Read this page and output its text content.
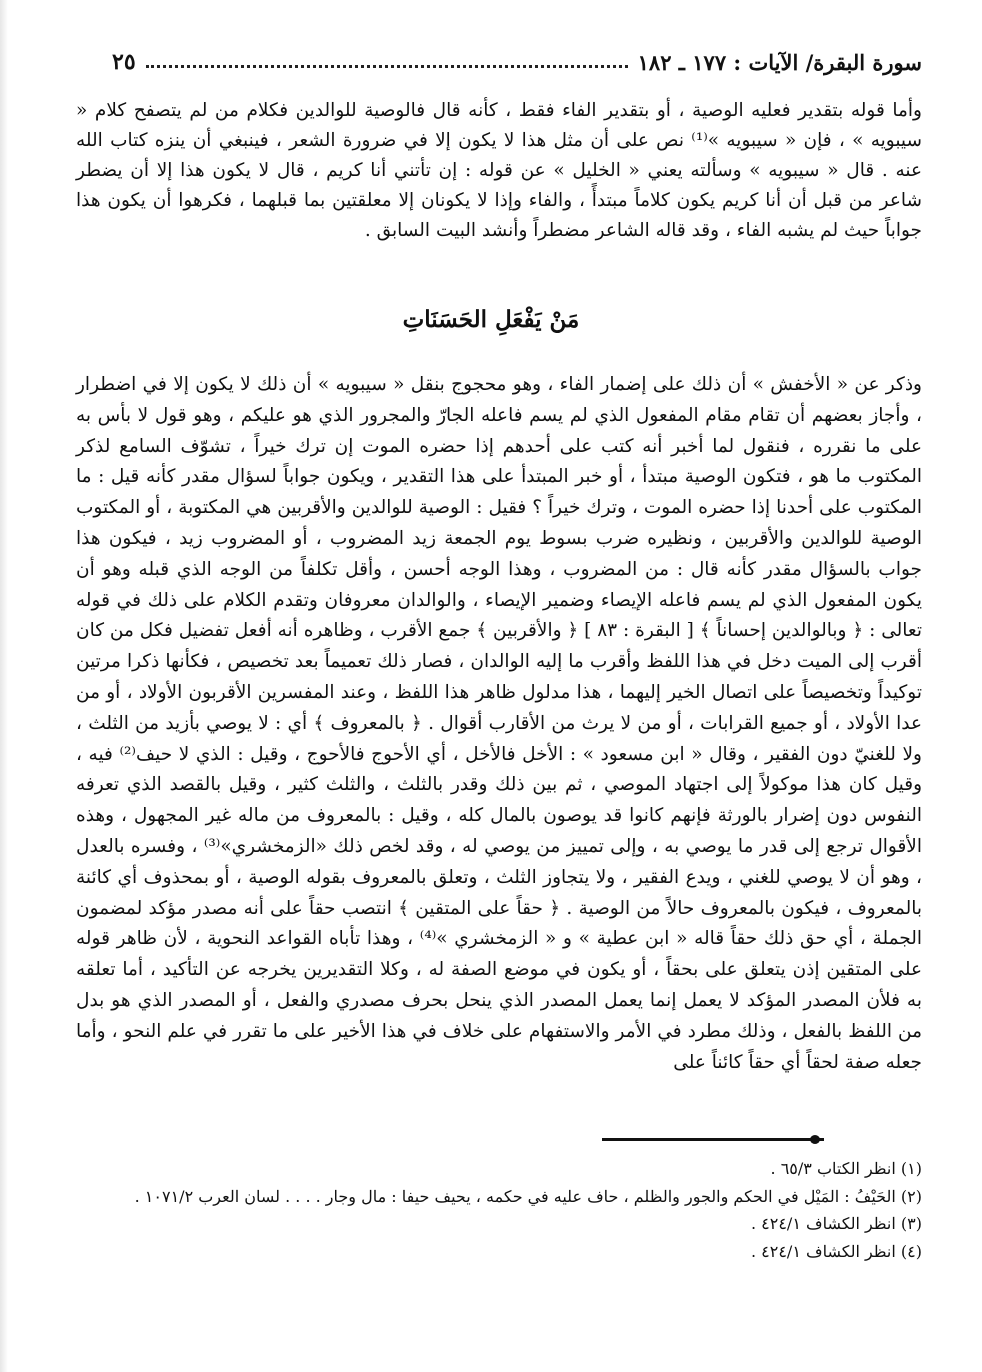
سورة البقرة/ الآيات : ١٧٧ ـ ١٨٢
٢٥
وأما قوله بتقدير فعليه الوصية ، أو بتقدير الفاء فقط ، كأنه قال فالوصية للوالدين فكلام من لم يتصفح كلام « سيبويه » ، فإن « سيبويه »⁽¹⁾ نص على أن مثل هذا لا يكون إلا في ضرورة الشعر ، فينبغي أن ينزه كتاب الله عنه . قال « سيبويه » وسألته يعني « الخليل » عن قوله : إن تأتني أنا كريم ، قال لا يكون هذا إلا أن يضطر شاعر من قبل أن أنا كريم يكون كلاماً مبتدأً ، والفاء وإذا لا يكونان إلا معلقتين بما قبلهما ، فكرهوا أن يكون هذا جواباً حيث لم يشبه الفاء ، وقد قاله الشاعر مضطراً وأنشد البيت السابق .
مَنْ يَفْعَلِ الحَسَنَاتِ
وذكر عن « الأخفش » أن ذلك على إضمار الفاء ، وهو محجوج بنقل « سيبويه » أن ذلك لا يكون إلا في اضطرار ، وأجاز بعضهم أن تقام مقام المفعول الذي لم يسم فاعله الجارّ والمجرور الذي هو عليكم ، وهو قول لا بأس به على ما نقرره ، فنقول لما أخبر أنه كتب على أحدهم إذا حضره الموت إن ترك خيراً ، تشوّف السامع لذكر المكتوب ما هو ، فتكون الوصية مبتدأ ، أو خبر المبتدأ على هذا التقدير ، ويكون جواباً لسؤال مقدر كأنه قيل : ما المكتوب على أحدنا إذا حضره الموت ، وترك خيراً ؟ فقيل : الوصية للوالدين والأقربين هي المكتوبة ، أو المكتوب الوصية للوالدين والأقربين ، ونظيره ضرب بسوط يوم الجمعة زيد المضروب ، أو المضروب زيد ، فيكون هذا جواب بالسؤال مقدر كأنه قال : من المضروب ، وهذا الوجه أحسن ، وأقل تكلفاً من الوجه الذي قبله وهو أن يكون المفعول الذي لم يسم فاعله الإيصاء وضمير الإيصاء ، والوالدان معروفان وتقدم الكلام على ذلك في قوله تعالى : ﴿ وبالوالدين إحساناً ﴾ [ البقرة : ٨٣ ] ﴿ والأقربين ﴾ جمع الأقرب ، وظاهره أنه أفعل تفضيل فكل من كان أقرب إلى الميت دخل في هذا اللفظ وأقرب ما إليه الوالدان ، فصار ذلك تعميماً بعد تخصيص ، فكأنها ذكرا مرتين توكيداً وتخصيصاً على اتصال الخير إليهما ، هذا مدلول ظاهر هذا اللفظ ، وعند المفسرين الأقربون الأولاد ، أو من عدا الأولاد ، أو جميع القرابات ، أو من لا يرث من الأقارب أقوال . ﴿ بالمعروف ﴾ أي : لا يوصي بأزيد من الثلث ، ولا للغنيّ دون الفقير ، وقال « ابن مسعود » : الأخل فالأخل ، أي الأحوج فالأحوج ، وقيل : الذي لا حيف⁽²⁾ فيه ، وقيل كان هذا موكولاً إلى اجتهاد الموصي ، ثم بين ذلك وقدر بالثلث ، والثلث كثير ، وقيل بالقصد الذي تعرفه النفوس دون إضرار بالورثة فإنهم كانوا قد يوصون بالمال كله ، وقيل : بالمعروف من ماله غير المجهول ، وهذه الأقوال ترجع إلى قدر ما يوصي به ، وإلى تمييز من يوصي له ، وقد لخص ذلك «الزمخشري»⁽³⁾ ، وفسره بالعدل ، وهو أن لا يوصي للغني ، ويدع الفقير ، ولا يتجاوز الثلث ، وتعلق بالمعروف بقوله الوصية ، أو بمحذوف أي كائنة بالمعروف ، فيكون بالمعروف حالاً من الوصية . ﴿ حقاً على المتقين ﴾ انتصب حقاً على أنه مصدر مؤكد لمضمون الجملة ، أي حق ذلك حقاً قاله « ابن عطية » و « الزمخشري »⁽⁴⁾ ، وهذا تأباه القواعد النحوية ، لأن ظاهر قوله على المتقين إذن يتعلق على بحقاً ، أو يكون في موضع الصفة له ، وكلا التقديرين يخرجه عن التأكيد ، أما تعلقه به فلأن المصدر المؤكد لا يعمل إنما يعمل المصدر الذي ينحل بحرف مصدري والفعل ، أو المصدر الذي هو بدل من اللفظ بالفعل ، وذلك مطرد في الأمر والاستفهام على خلاف في هذا الأخير على ما تقرر في علم النحو ، وأما جعله صفة لحقاً أي حقاً كائناً على
(١) انظر الكتاب ٦٥/٣ .
(٢) الحَيْفُ : المَيْل في الحكم والجور والظلم ، حاف عليه في حكمه ، يحيف حيفا : مال وجار . . . . لسان العرب ١٠٧١/٢ .
(٣) انظر الكشاف ٤٢٤/١ .
(٤) انظر الكشاف ٤٢٤/١ .
